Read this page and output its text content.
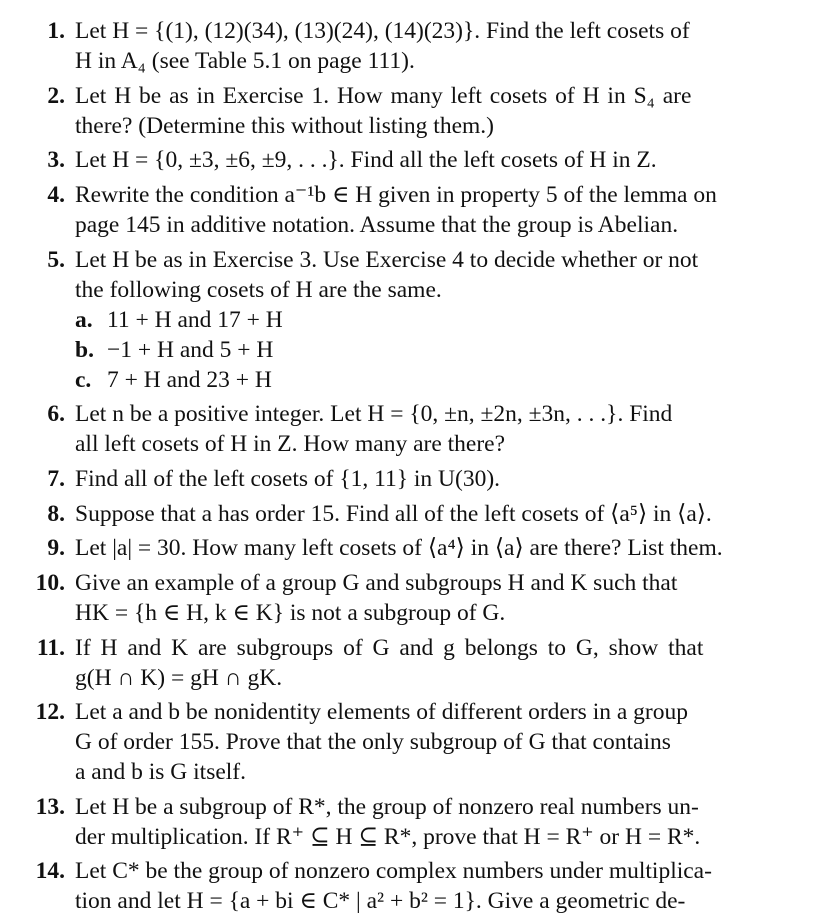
1. Let H = {(1), (12)(34), (13)(24), (14)(23)}. Find the left cosets of
H in A₄ (see Table 5.1 on page 111).
2. Let H be as in Exercise 1. How many left cosets of H in S₄ are
there? (Determine this without listing them.)
3. Let H = {0, ±3, ±6, ±9, . . .}. Find all the left cosets of H in Z.
4. Rewrite the condition a⁻¹b ∈ H given in property 5 of the lemma on
page 145 in additive notation. Assume that the group is Abelian.
5. Let H be as in Exercise 3. Use Exercise 4 to decide whether or not
the following cosets of H are the same.
a. 11 + H and 17 + H
b. −1 + H and 5 + H
c. 7 + H and 23 + H
6. Let n be a positive integer. Let H = {0, ±n, ±2n, ±3n, . . .}. Find
all left cosets of H in Z. How many are there?
7. Find all of the left cosets of {1, 11} in U(30).
8. Suppose that a has order 15. Find all of the left cosets of ⟨a⁵⟩ in ⟨a⟩.
9. Let |a| = 30. How many left cosets of ⟨a⁴⟩ in ⟨a⟩ are there? List them.
10. Give an example of a group G and subgroups H and K such that
HK = {h ∈ H, k ∈ K} is not a subgroup of G.
11. If H and K are subgroups of G and g belongs to G, show that
g(H ∩ K) = gH ∩ gK.
12. Let a and b be nonidentity elements of different orders in a group
G of order 155. Prove that the only subgroup of G that contains
a and b is G itself.
13. Let H be a subgroup of R*, the group of nonzero real numbers un-
der multiplication. If R⁺ ⊆ H ⊆ R*, prove that H = R⁺ or H = R*.
14. Let C* be the group of nonzero complex numbers under multiplica-
tion and let H = {a + bi ∈ C* | a² + b² = 1}. Give a geometric de-
